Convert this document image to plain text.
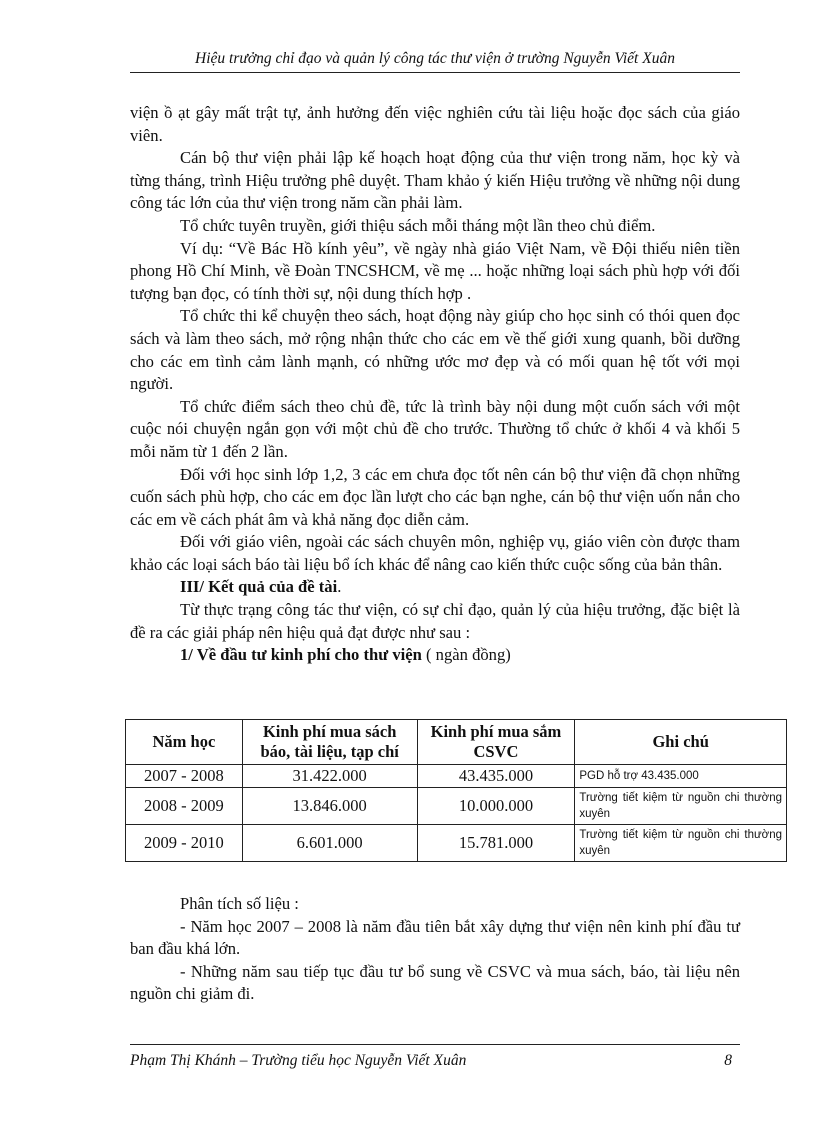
Hiệu trưởng chỉ đạo và quản lý công tác thư viện ở trường Nguyễn Viết Xuân

viện ồ ạt gây mất trật tự, ảnh hưởng đến việc nghiên cứu tài liệu hoặc đọc sách của giáo viên.

Cán bộ thư viện phải lập kế hoạch hoạt động của thư viện trong năm, học kỳ và từng tháng, trình Hiệu trưởng phê duyệt. Tham khảo ý kiến Hiệu trưởng về những nội dung công tác lớn của thư viện trong năm cần phải làm.

Tổ chức tuyên truyền, giới thiệu sách mỗi tháng một lần theo chủ điểm.

Ví dụ: “Về Bác Hồ kính yêu”, về ngày nhà giáo Việt Nam, về Đội thiếu niên tiền phong Hồ Chí Minh, về Đoàn TNCSHCM, về mẹ ... hoặc những loại sách phù hợp với đối tượng bạn đọc, có tính thời sự, nội dung thích hợp .

Tổ chức thi kể chuyện theo sách, hoạt động này giúp cho học sinh có thói quen đọc sách và làm theo sách, mở rộng nhận thức cho các em về thế giới xung quanh, bồi dưỡng cho các em tình cảm lành mạnh, có những ước mơ đẹp và có mối quan hệ tốt với mọi người.

Tổ chức điểm sách theo chủ đề, tức là trình bày nội dung một cuốn sách với một cuộc nói chuyện ngắn gọn với một chủ đề cho trước. Thường tổ chức ở khối 4 và khối 5 mỗi năm từ 1 đến 2 lần.

Đối với học sinh lớp 1,2, 3 các em chưa đọc tốt nên cán bộ thư viện đã chọn những cuốn sách phù hợp, cho các em đọc lần lượt cho các bạn nghe, cán bộ thư viện uốn nắn cho các em về cách phát âm và khả năng đọc diễn cảm.

Đối với giáo viên, ngoài các sách chuyên môn, nghiệp vụ, giáo viên còn được tham khảo các loại sách báo tài liệu bổ ích khác để nâng cao kiến thức cuộc sống của bản thân.

III/ Kết quả của đề tài.

Từ thực trạng công tác thư viện, có sự chỉ đạo, quản lý của hiệu trưởng, đặc biệt là đề ra các giải pháp nên hiệu quả đạt được như sau :

1/ Về đầu tư kinh phí cho thư viện ( ngàn đồng)

Năm học	Kinh phí mua sách báo, tài liệu, tạp chí	Kinh phí mua sắm CSVC	Ghi chú
2007 - 2008	31.422.000	43.435.000	PGD hỗ trợ 43.435.000
2008 - 2009	13.846.000	10.000.000	Trường tiết kiệm từ nguồn chi thường xuyên
2009 - 2010	6.601.000	15.781.000	Trường tiết kiệm từ nguồn chi thường xuyên

Phân tích số liệu :

- Năm học 2007 – 2008 là năm đầu tiên bắt xây dựng thư viện nên kinh phí đầu tư ban đầu khá lớn.

- Những năm sau tiếp tục đầu tư bổ sung về CSVC và mua sách, báo, tài liệu nên nguồn chi giảm đi.

Phạm Thị Khánh – Trường tiểu học Nguyễn Viết Xuân	8
